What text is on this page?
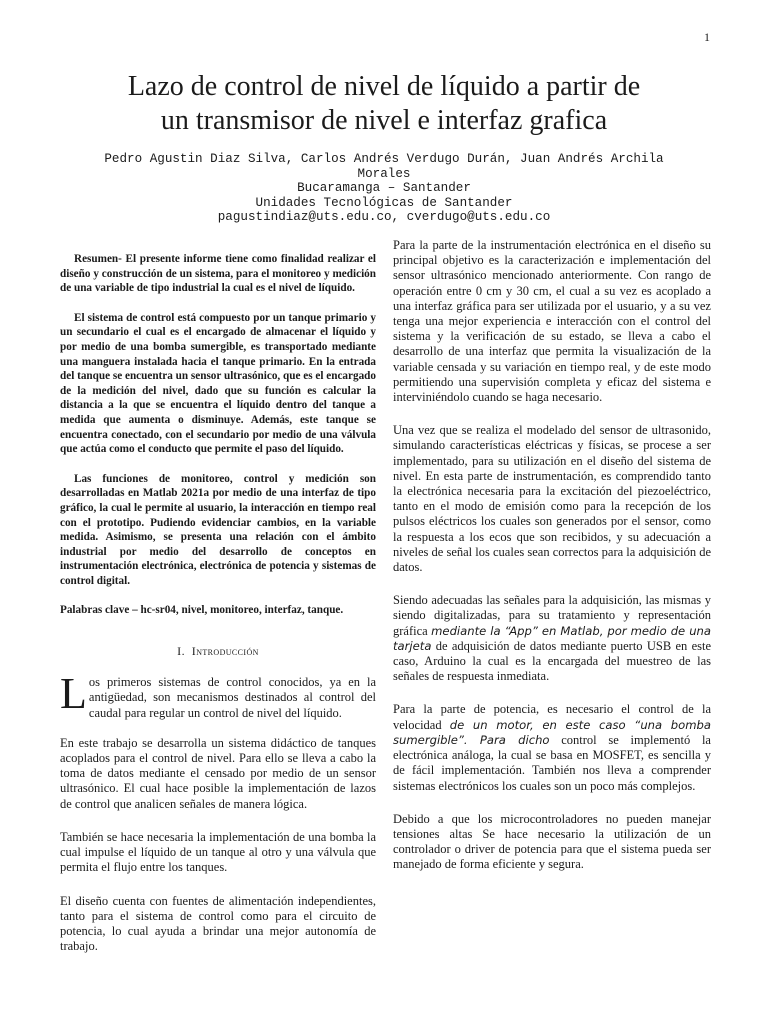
1
Lazo de control de nivel de líquido a partir de
un transmisor de nivel e interfaz grafica
Pedro Agustin Diaz Silva, Carlos Andrés Verdugo Durán, Juan Andrés Archila
Morales
Bucaramanga – Santander
Unidades Tecnológicas de Santander
pagustindiaz@uts.edu.co, cverdugo@uts.edu.co

Resumen- El presente informe tiene como finalidad realizar el diseño y construcción de un sistema, para el monitoreo y medición de una variable de tipo industrial la cual es el nivel de líquido.

El sistema de control está compuesto por un tanque primario y un secundario el cual es el encargado de almacenar el líquido y por medio de una bomba sumergible, es transportado mediante una manguera instalada hacia el tanque primario. En la entrada del tanque se encuentra un sensor ultrasónico, que es el encargado de la medición del nivel, dado que su función es calcular la distancia a la que se encuentra el líquido dentro del tanque a medida que aumenta o disminuye. Además, este tanque se encuentra conectado, con el secundario por medio de una válvula que actúa como el conducto que permite el paso del líquido.

Las funciones de monitoreo, control y medición son desarrolladas en Matlab 2021a por medio de una interfaz de tipo gráfico, la cual le permite al usuario, la interacción en tiempo real con el prototipo. Pudiendo evidenciar cambios, en la variable medida. Asimismo, se presenta una relación con el ámbito industrial por medio del desarrollo de conceptos en instrumentación electrónica, electrónica de potencia y sistemas de control digital.

Palabras clave – hc-sr04, nivel, monitoreo, interfaz, tanque.
I. Introducción

Los primeros sistemas de control conocidos, ya en la antigüedad, son mecanismos destinados al control del caudal para regular un control de nivel del líquido.

En este trabajo se desarrolla un sistema didáctico de tanques acoplados para el control de nivel. Para ello se lleva a cabo la toma de datos mediante el censado por medio de un sensor ultrasónico. El cual hace posible la implementación de lazos de control que analicen señales de manera lógica.

También se hace necesaria la implementación de una bomba la cual impulse el líquido de un tanque al otro y una válvula que permita el flujo entre los tanques.

El diseño cuenta con fuentes de alimentación independientes, tanto para el sistema de control como para el circuito de potencia, lo cual ayuda a brindar una mejor autonomía de trabajo.

Para la parte de la instrumentación electrónica en el diseño su principal objetivo es la caracterización e implementación del sensor ultrasónico mencionado anteriormente. Con rango de operación entre 0 cm y 30 cm, el cual a su vez es acoplado a una interfaz gráfica para ser utilizada por el usuario, y a su vez tenga una mejor experiencia e interacción con el control del sistema y la verificación de su estado, se lleva a cabo el desarrollo de una interfaz que permita la visualización de la variable censada y su variación en tiempo real, y de este modo permitiendo una supervisión completa y eficaz del sistema e interviniéndolo cuando se haga necesario.

Una vez que se realiza el modelado del sensor de ultrasonido, simulando características eléctricas y físicas, se procese a ser implementado, para su utilización en el diseño del sistema de nivel. En esta parte de instrumentación, es comprendido tanto la electrónica necesaria para la excitación del piezoeléctrico, tanto en el modo de emisión como para la recepción de los pulsos eléctricos los cuales son generados por el sensor, como la respuesta a los ecos que son recibidos, y su adecuación a niveles de señal los cuales sean correctos para la adquisición de datos.

Siendo adecuadas las señales para la adquisición, las mismas y siendo digitalizadas, para su tratamiento y representación gráfica mediante la “App” en Matlab, por medio de una tarjeta de adquisición de datos mediante puerto USB en este caso, Arduino la cual es la encargada del muestreo de las señales de respuesta inmediata.

Para la parte de potencia, es necesario el control de la velocidad de un motor, en este caso “una bomba sumergible”. Para dicho control se implementó la electrónica análoga, la cual se basa en MOSFET, es sencilla y de fácil implementación. También nos lleva a comprender sistemas electrónicos los cuales son un poco más complejos.

Debido a que los microcontroladores no pueden manejar tensiones altas Se hace necesario la utilización de un controlador o driver de potencia para que el sistema pueda ser manejado de forma eficiente y segura.
